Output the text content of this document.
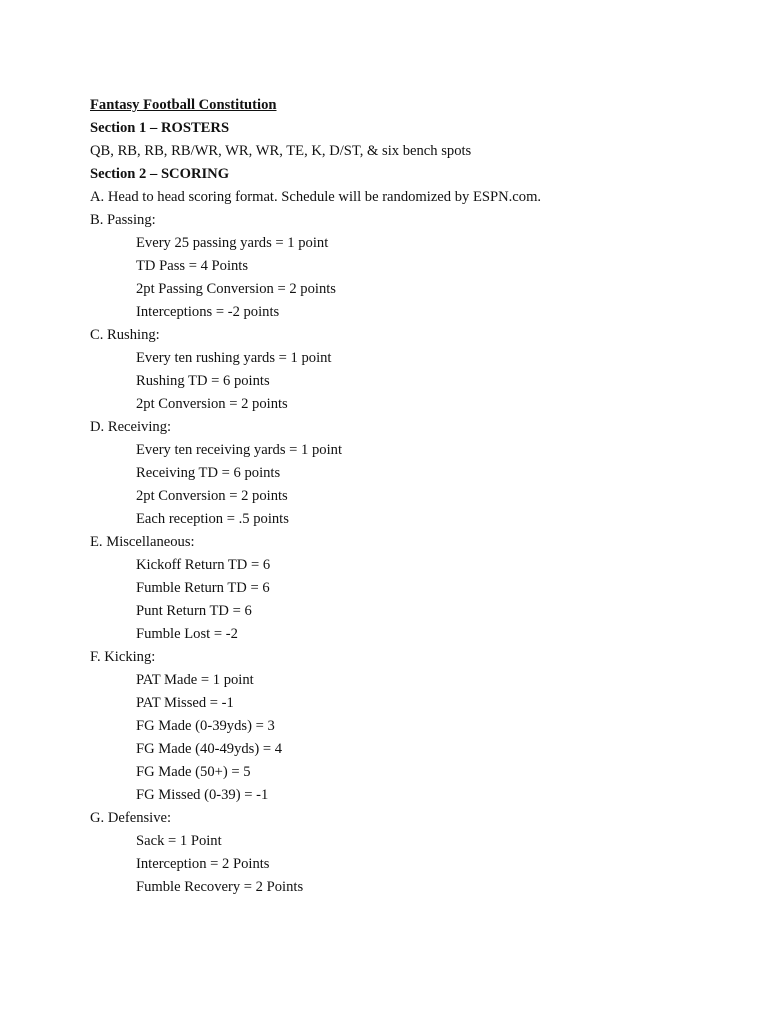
Fantasy Football Constitution
Section 1 – ROSTERS
QB, RB, RB, RB/WR, WR, WR, TE, K, D/ST, & six bench spots
Section 2 – SCORING
A. Head to head scoring format. Schedule will be randomized by ESPN.com.
B. Passing:
Every 25 passing yards = 1 point
TD Pass = 4 Points
2pt Passing Conversion = 2 points
Interceptions = -2 points
C. Rushing:
Every ten rushing yards = 1 point
Rushing TD = 6 points
2pt Conversion = 2 points
D. Receiving:
Every ten receiving yards = 1 point
Receiving TD = 6 points
2pt Conversion = 2 points
Each reception = .5 points
E. Miscellaneous:
Kickoff Return TD = 6
Fumble Return TD = 6
Punt Return TD = 6
Fumble Lost = -2
F. Kicking:
PAT Made = 1 point
PAT Missed = -1
FG Made (0-39yds) = 3
FG Made (40-49yds) = 4
FG Made (50+) = 5
FG Missed (0-39) = -1
G. Defensive:
Sack = 1 Point
Interception = 2 Points
Fumble Recovery = 2 Points
